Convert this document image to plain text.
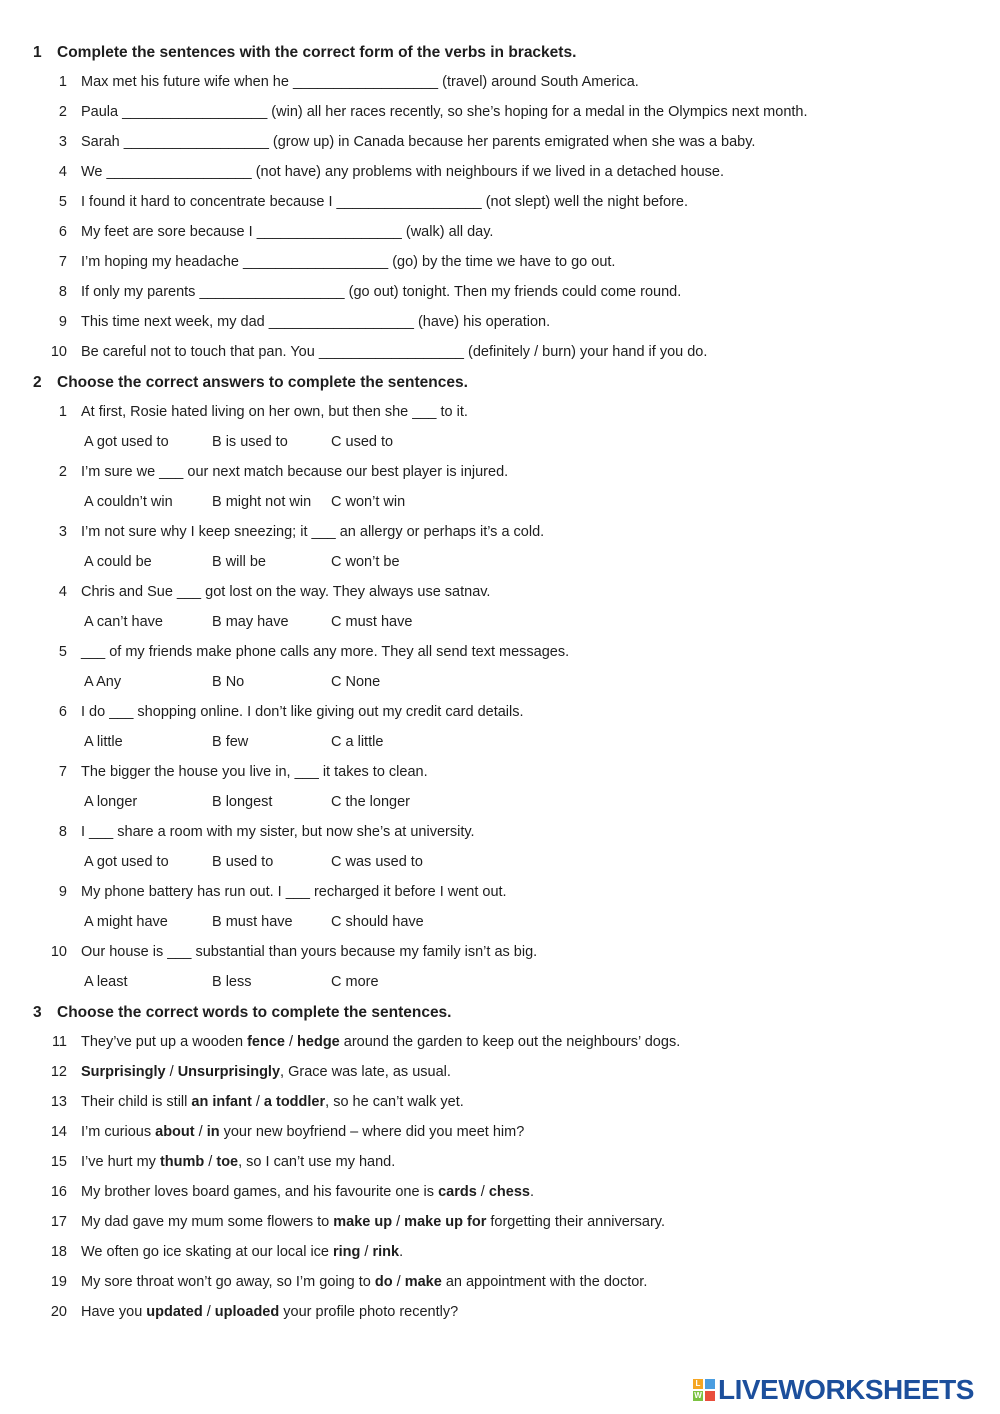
1 Complete the sentences with the correct form of the verbs in brackets.
1 Max met his future wife when he __________________ (travel) around South America.
2 Paula __________________ (win) all her races recently, so she’s hoping for a medal in the Olympics next month.
3 Sarah __________________ (grow up) in Canada because her parents emigrated when she was a baby.
4 We __________________ (not have) any problems with neighbours if we lived in a detached house.
5 I found it hard to concentrate because I __________________ (not slept) well the night before.
6 My feet are sore because I __________________ (walk) all day.
7 I’m hoping my headache __________________ (go) by the time we have to go out.
8 If only my parents __________________ (go out) tonight. Then my friends could come round.
9 This time next week, my dad __________________ (have) his operation.
10 Be careful not to touch that pan. You __________________ (definitely / burn) your hand if you do.
2 Choose the correct answers to complete the sentences.
1 At first, Rosie hated living on her own, but then she ___ to it.
A got used to	B is used to	C used to
2 I’m sure we ___ our next match because our best player is injured.
A couldn’t win	B might not win C won’t win
3 I’m not sure why I keep sneezing; it ___ an allergy or perhaps it’s a cold.
A could be	B will be	C won’t be
4 Chris and Sue ___ got lost on the way. They always use satnav.
A can’t have	B may have	C must have
5 ___ of my friends make phone calls any more. They all send text messages.
A Any	B No	C None
6 I do ___ shopping online. I don’t like giving out my credit card details.
A little	B few	C a little
7 The bigger the house you live in, ___ it takes to clean.
A longer	B longest	C the longer
8 I ___ share a room with my sister, but now she’s at university.
A got used to	B used to	C was used to
9 My phone battery has run out. I ___ recharged it before I went out.
A might have	B must have	C should have
10 Our house is ___ substantial than yours because my family isn’t as big.
A least	B less	C more
3 Choose the correct words to complete the sentences.
11 They’ve put up a wooden fence / hedge around the garden to keep out the neighbours’ dogs.
12 Surprisingly / Unsurprisingly, Grace was late, as usual.
13 Their child is still an infant / a toddler, so he can’t walk yet.
14 I’m curious about / in your new boyfriend – where did you meet him?
15 I’ve hurt my thumb / toe, so I can’t use my hand.
16 My brother loves board games, and his favourite one is cards / chess.
17 My dad gave my mum some flowers to make up / make up for forgetting their anniversary.
18 We often go ice skating at our local ice ring / rink.
19 My sore throat won’t go away, so I’m going to do / make an appointment with the doctor.
20 Have you updated / uploaded your profile photo recently?
L
W LIVEWORKSHEETS
